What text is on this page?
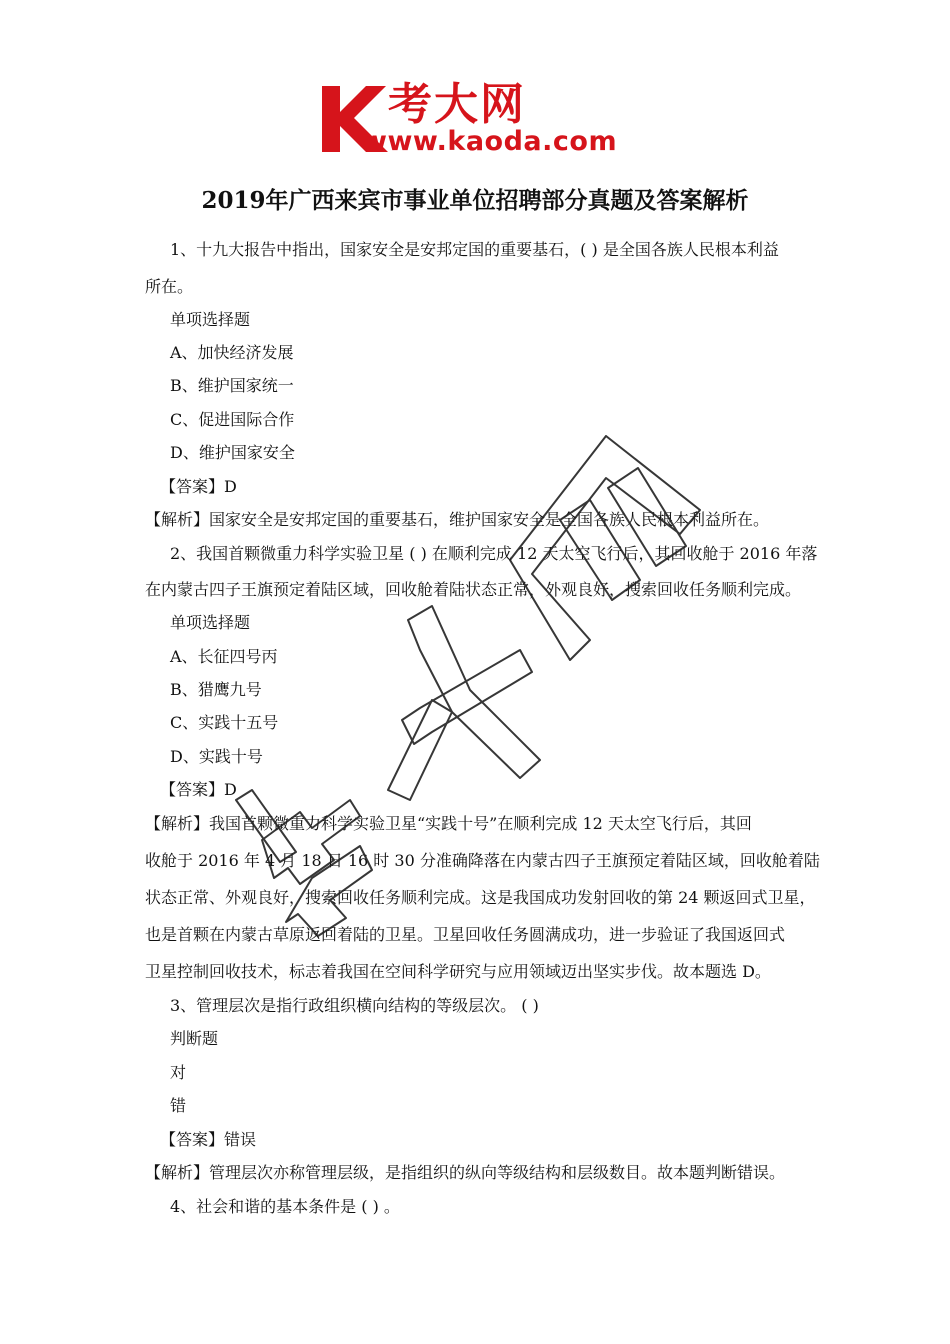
考大网
www.kaoda.com
2019年广西来宾市事业单位招聘部分真题及答案解析
1、十九大报告中指出，国家安全是安邦定国的重要基石，( ) 是全国各族人民根本利益
所在。
单项选择题
A、加快经济发展
B、维护国家统一
C、促进国际合作
D、维护国家安全
【答案】D
【解析】国家安全是安邦定国的重要基石，维护国家安全是全国各族人民根本利益所在。
2、我国首颗微重力科学实验卫星 ( ) 在顺利完成 12 天太空飞行后，其回收舱于 2016 年落
在内蒙古四子王旗预定着陆区域，回收舱着陆状态正常，外观良好，搜索回收任务顺利完成。
单项选择题
A、长征四号丙
B、猎鹰九号
C、实践十五号
D、实践十号
【答案】D
【解析】我国首颗微重力科学实验卫星“实践十号”在顺利完成 12 天太空飞行后，其回
收舱于 2016 年 4 月 18 日 16 时 30 分准确降落在内蒙古四子王旗预定着陆区域，回收舱着陆
状态正常、外观良好，搜索回收任务顺利完成。这是我国成功发射回收的第 24 颗返回式卫星，
也是首颗在内蒙古草原返回着陆的卫星。卫星回收任务圆满成功，进一步验证了我国返回式
卫星控制回收技术，标志着我国在空间科学研究与应用领域迈出坚实步伐。故本题选 D。
3、管理层次是指行政组织横向结构的等级层次。 ( )
判断题
对
错
【答案】错误
【解析】管理层次亦称管理层级，是指组织的纵向等级结构和层级数目。故本题判断错误。
4、社会和谐的基本条件是 ( ) 。
